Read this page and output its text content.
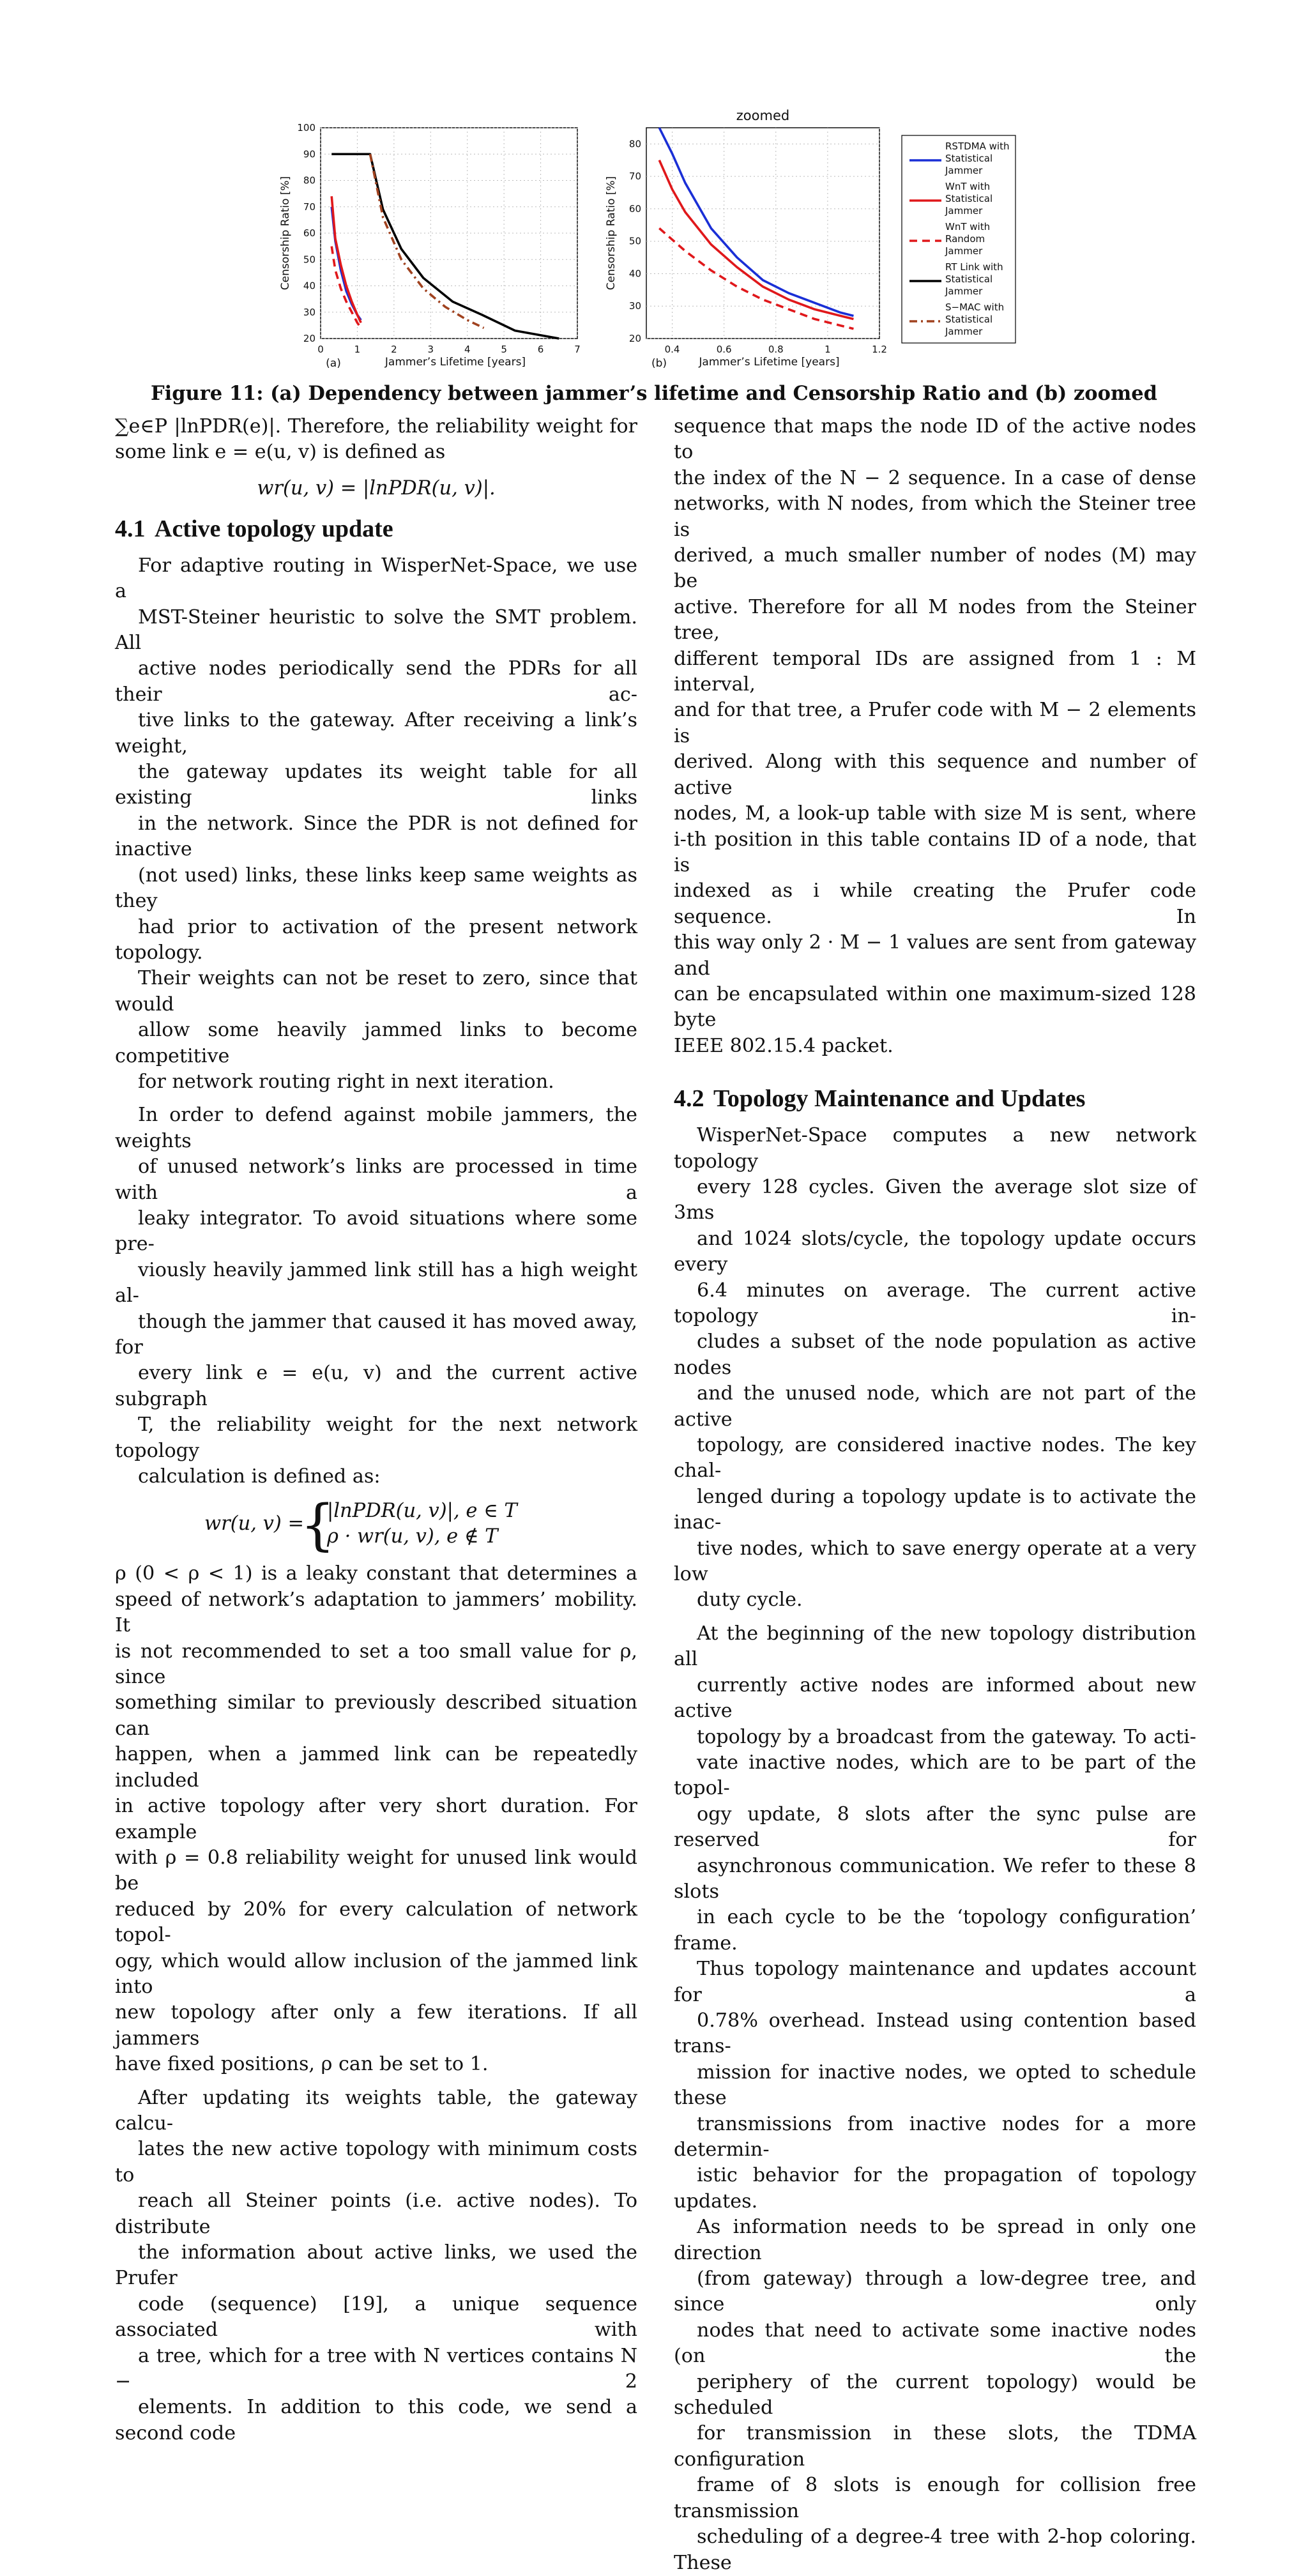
0	1	2	3	4	5	6	7
20
30
40
50
60
70
80
90
100
Jammer’s Lifetime [years]
(a)
Censorship Ratio [%]
0.4	0.6	0.8	1	1.2
20
30
40
50
60
70
80
Jammer’s Lifetime [years]
(b)
Censorship Ratio [%]
zoomed
RSTDMA with
Statistical
Jammer
WnT with
Statistical
Jammer
WnT with
Random
Jammer
RT Link with
Statistical
Jammer
S−MAC with
Statistical
Jammer
Figure 11: (a) Dependency between jammer’s lifetime and Censorship Ratio and (b) zoomed

∑e∈P |lnPDR(e)|. Therefore, the reliability weight for
some link e = e(u, v) is defined as

wr(u, v) = |lnPDR(u, v)|.
4.1 Active topology update

For adaptive routing in WisperNet-Space, we use a
MST-Steiner heuristic to solve the SMT problem. All
active nodes periodically send the PDRs for all their ac-
tive links to the gateway. After receiving a link’s weight,
the gateway updates its weight table for all existing links
in the network. Since the PDR is not defined for inactive
(not used) links, these links keep same weights as they
had prior to activation of the present network topology.
Their weights can not be reset to zero, since that would
allow some heavily jammed links to become competitive
for network routing right in next iteration.

In order to defend against mobile jammers, the weights
of unused network’s links are processed in time with a
leaky integrator. To avoid situations where some pre-
viously heavily jammed link still has a high weight al-
though the jammer that caused it has moved away, for
every link e = e(u, v) and the current active subgraph
T, the reliability weight for the next network topology
calculation is defined as:

wr(u, v) =
{
|lnPDR(u, v)|, e ∈ T
ρ · wr(u, v), e ∉ T

ρ (0 < ρ < 1) is a leaky constant that determines a
speed of network’s adaptation to jammers’ mobility. It
is not recommended to set a too small value for ρ, since
something similar to previously described situation can
happen, when a jammed link can be repeatedly included
in active topology after very short duration. For example
with ρ = 0.8 reliability weight for unused link would be
reduced by 20% for every calculation of network topol-
ogy, which would allow inclusion of the jammed link into
new topology after only a few iterations. If all jammers
have fixed positions, ρ can be set to 1.

After updating its weights table, the gateway calcu-
lates the new active topology with minimum costs to
reach all Steiner points (i.e. active nodes). To distribute
the information about active links, we used the Prufer
code (sequence) [19], a unique sequence associated with
a tree, which for a tree with N vertices contains N − 2
elements. In addition to this code, we send a second code

sequence that maps the node ID of the active nodes to
the index of the N − 2 sequence. In a case of dense
networks, with N nodes, from which the Steiner tree is
derived, a much smaller number of nodes (M) may be
active. Therefore for all M nodes from the Steiner tree,
different temporal IDs are assigned from 1 : M interval,
and for that tree, a Prufer code with M − 2 elements is
derived. Along with this sequence and number of active
nodes, M, a look-up table with size M is sent, where
i-th position in this table contains ID of a node, that is
indexed as i while creating the Prufer code sequence. In
this way only 2 · M − 1 values are sent from gateway and
can be encapsulated within one maximum-sized 128 byte
IEEE 802.15.4 packet.

4.2 Topology Maintenance and Updates

WisperNet-Space computes a new network topology
every 128 cycles. Given the average slot size of 3ms
and 1024 slots/cycle, the topology update occurs every
6.4 minutes on average. The current active topology in-
cludes a subset of the node population as active nodes
and the unused node, which are not part of the active
topology, are considered inactive nodes. The key chal-
lenged during a topology update is to activate the inac-
tive nodes, which to save energy operate at a very low
duty cycle.

At the beginning of the new topology distribution all
currently active nodes are informed about new active
topology by a broadcast from the gateway. To acti-
vate inactive nodes, which are to be part of the topol-
ogy update, 8 slots after the sync pulse are reserved for
asynchronous communication. We refer to these 8 slots
in each cycle to be the ‘topology configuration’ frame.
Thus topology maintenance and updates account for a
0.78% overhead. Instead using contention based trans-
mission for inactive nodes, we opted to schedule these
transmissions from inactive nodes for a more determin-
istic behavior for the propagation of topology updates.
As information needs to be spread in only one direction
(from gateway) through a low-degree tree, and since only
nodes that need to activate some inactive nodes (on the
periphery of the current topology) would be scheduled
for transmission in these slots, the TDMA configuration
frame of 8 slots is enough for collision free transmission
scheduling of a degree-4 tree with 2-hop coloring. These
